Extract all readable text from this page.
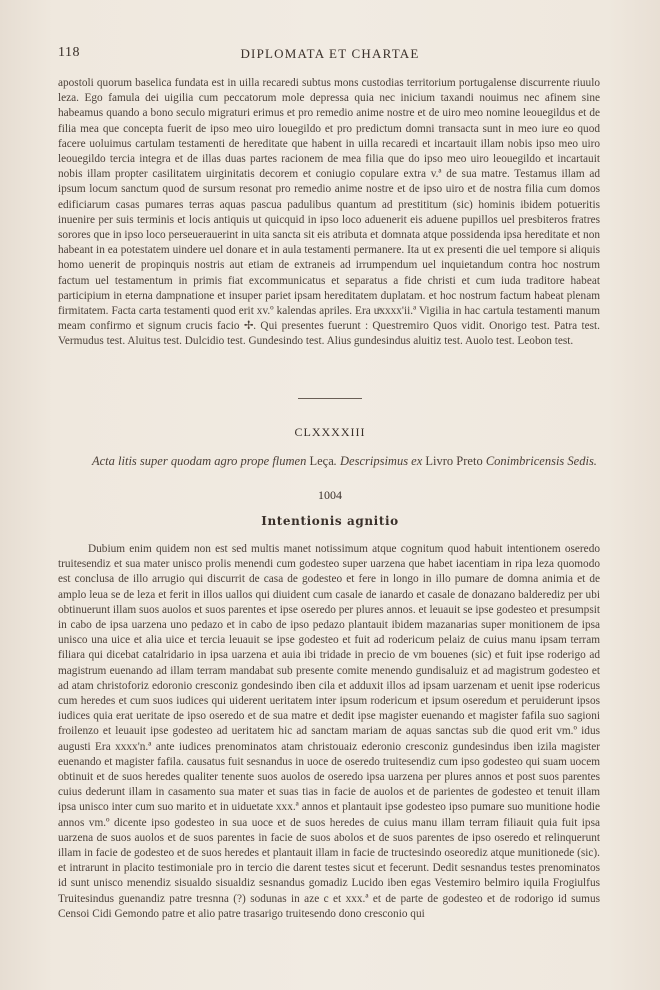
118	DIPLOMATA ET CHARTAE
apostoli quorum baselica fundata est in uilla recaredi subtus mons custodias territorium portugalense discurrente riuulo leza. Ego famula dei uigilia cum peccatorum mole depressa quia nec inicium taxandi nouimus nec afinem sine habeamus quando a bono seculo migraturi erimus et pro remedio anime nostre et de uiro meo nomine leouegildus et de filia mea que concepta fuerit de ipso meo uiro louegildo et pro predictum domni transacta sunt in meo iure eo quod facere uoluimus cartulam testamenti de hereditate que habent in uilla recaredi et incartauit illam nobis ipso meo uiro leouegildo tercia integra et de illas duas partes racionem de mea filia que do ipso meo uiro leouegildo et incartauit nobis illam propter casilitatem uirginitatis decorem et coniugio copulare extra v.ª de sua matre. Testamus illam ad ipsum locum sanctum quod de sursum resonat pro remedio anime nostre et de ipso uiro et de nostra filia cum domos edificiarum casas pumares terras aquas pascua padulibus quantum ad prestititum (sic) hominis ibidem potueritis inuenire per suis terminis et locis antiquis ut quicquid in ipso loco aduenerit eis aduene pupillos uel presbiteros fratres sorores que in ipso loco perseuerauerint in uita sancta sit eis atributa et domnata atque possidenda ipsa hereditate et non habeant in ea potestatem uindere uel donare et in aula testamenti permanere. Ita ut ex presenti die uel tempore si aliquis homo uenerit de propinquis nostris aut etiam de extraneis ad irrumpendum uel inquietandum contra hoc nostrum factum uel testamentum in primis fiat excommunicatus et separatus a fide christi et cum iuda traditore habeat participium in eterna dampnatione et insuper pariet ipsam hereditatem duplatam. et hoc nostrum factum habeat plenam firmitatem. Facta carta testamenti quod erit xv.º kalendas apriles. Era uͣxxxx'ii.ª Vigilia in hac cartula testamenti manum meam confirmo et signum crucis facio ✢. Qui presentes fuerunt : Questremiro Quos vidit. Onorigo test. Patra test. Vermudus test. Aluitus test. Dulcidio test. Gundesindo test. Alius gundesindus aluitiz test. Auolo test. Leobon test.
CLXXXXIII
Acta litis super quodam agro prope flumen Leça. Descripsimus ex Livro Preto Conimbricensis Sedis.
1004
Intentionis agnitio
Dubium enim quidem non est sed multis manet notissimum atque cognitum quod habuit intentionem oseredo truitesendiz et sua mater unisco prolis menendi cum godesteo super uarzena que habet iacentiam in ripa leza quomodo est conclusa de illo arrugio qui discurrit de casa de godesteo et fere in longo in illo pumare de domna animia et de amplo leua se de leza et ferit in illos uallos qui diuident cum casale de ianardo et casale de donazano balderediz per ubi obtinuerunt illam suos auolos et suos parentes et ipse oseredo per plures annos. et leuauit se ipse godesteo et presumpsit in cabo de ipsa uarzena uno pedazo et in cabo de ipso pedazo plantauit ibidem mazanarias super monitionem de ipsa unisco una uice et alia uice et tercia leuauit se ipse godesteo et fuit ad rodericum pelaiz de cuius manu ipsam terram filiara qui dicebat catalridario in ipsa uarzena et auia ibi tridade in precio de vm bouenes (sic) et fuit ipse roderigo ad magistrum euenando ad illam terram mandabat sub presente comite menendo gundisaluiz et ad magistrum godesteo et ad atam christoforiz edoronio cresconiz gondesindo iben cila et adduxit illos ad ipsam uarzenam et uenit ipse rodericus cum heredes et cum suos iudices qui uiderent ueritatem inter ipsum rodericum et ipsum oseredum et peruiderunt ipsos iudices quia erat ueritate de ipso oseredo et de sua matre et dedit ipse magister euenando et magister fafila suo sagioni froilenzo et leuauit ipse godesteo ad ueritatem hic ad sanctam mariam de aquas sanctas sub die quod erit vm.º idus augusti Era xxxx'n.ª ante iudices prenominatos atam christouaiz ederonio cresconiz gundesindus iben izila magister euenando et magister fafila. causatus fuit sesnandus in uoce de oseredo truitesendiz cum ipso godesteo qui suam uocem obtinuit et de suos heredes qualiter tenente suos auolos de oseredo ipsa uarzena per plures annos et post suos parentes cuius dederunt illam in casamento sua mater et suas tias in facie de auolos et de parientes de godesteo et tenuit illam ipsa unisco inter cum suo marito et in uiduetate xxx.ª annos et plantauit ipse godesteo ipso pumare suo munitione hodie annos vm.º dicente ipso godesteo in sua uoce et de suos heredes de cuius manu illam terram filiauit quia fuit ipsa uarzena de suos auolos et de suos parentes in facie de suos abolos et de suos parentes de ipso oseredo et relinquerunt illam in facie de godesteo et de suos heredes et plantauit illam in facie de tructesindo oseorediz atque munitionede (sic). et intrarunt in placito testimoniale pro in tercio die darent testes sicut et fecerunt. Dedit sesnandus testes prenominatos id sunt unisco menendiz sisualdo sisualdiz sesnandus gomadiz Lucido iben egas Vestemiro belmiro iquila Frogiulfus Truitesindus guenandiz patre tresnna (?) sodunas in aze c et xxx.ª et de parte de godesteo et de rodorigo id sumus Censoi Cidi Gemondo patre et alio patre trasarigo truitesendo dono cresconio qui
